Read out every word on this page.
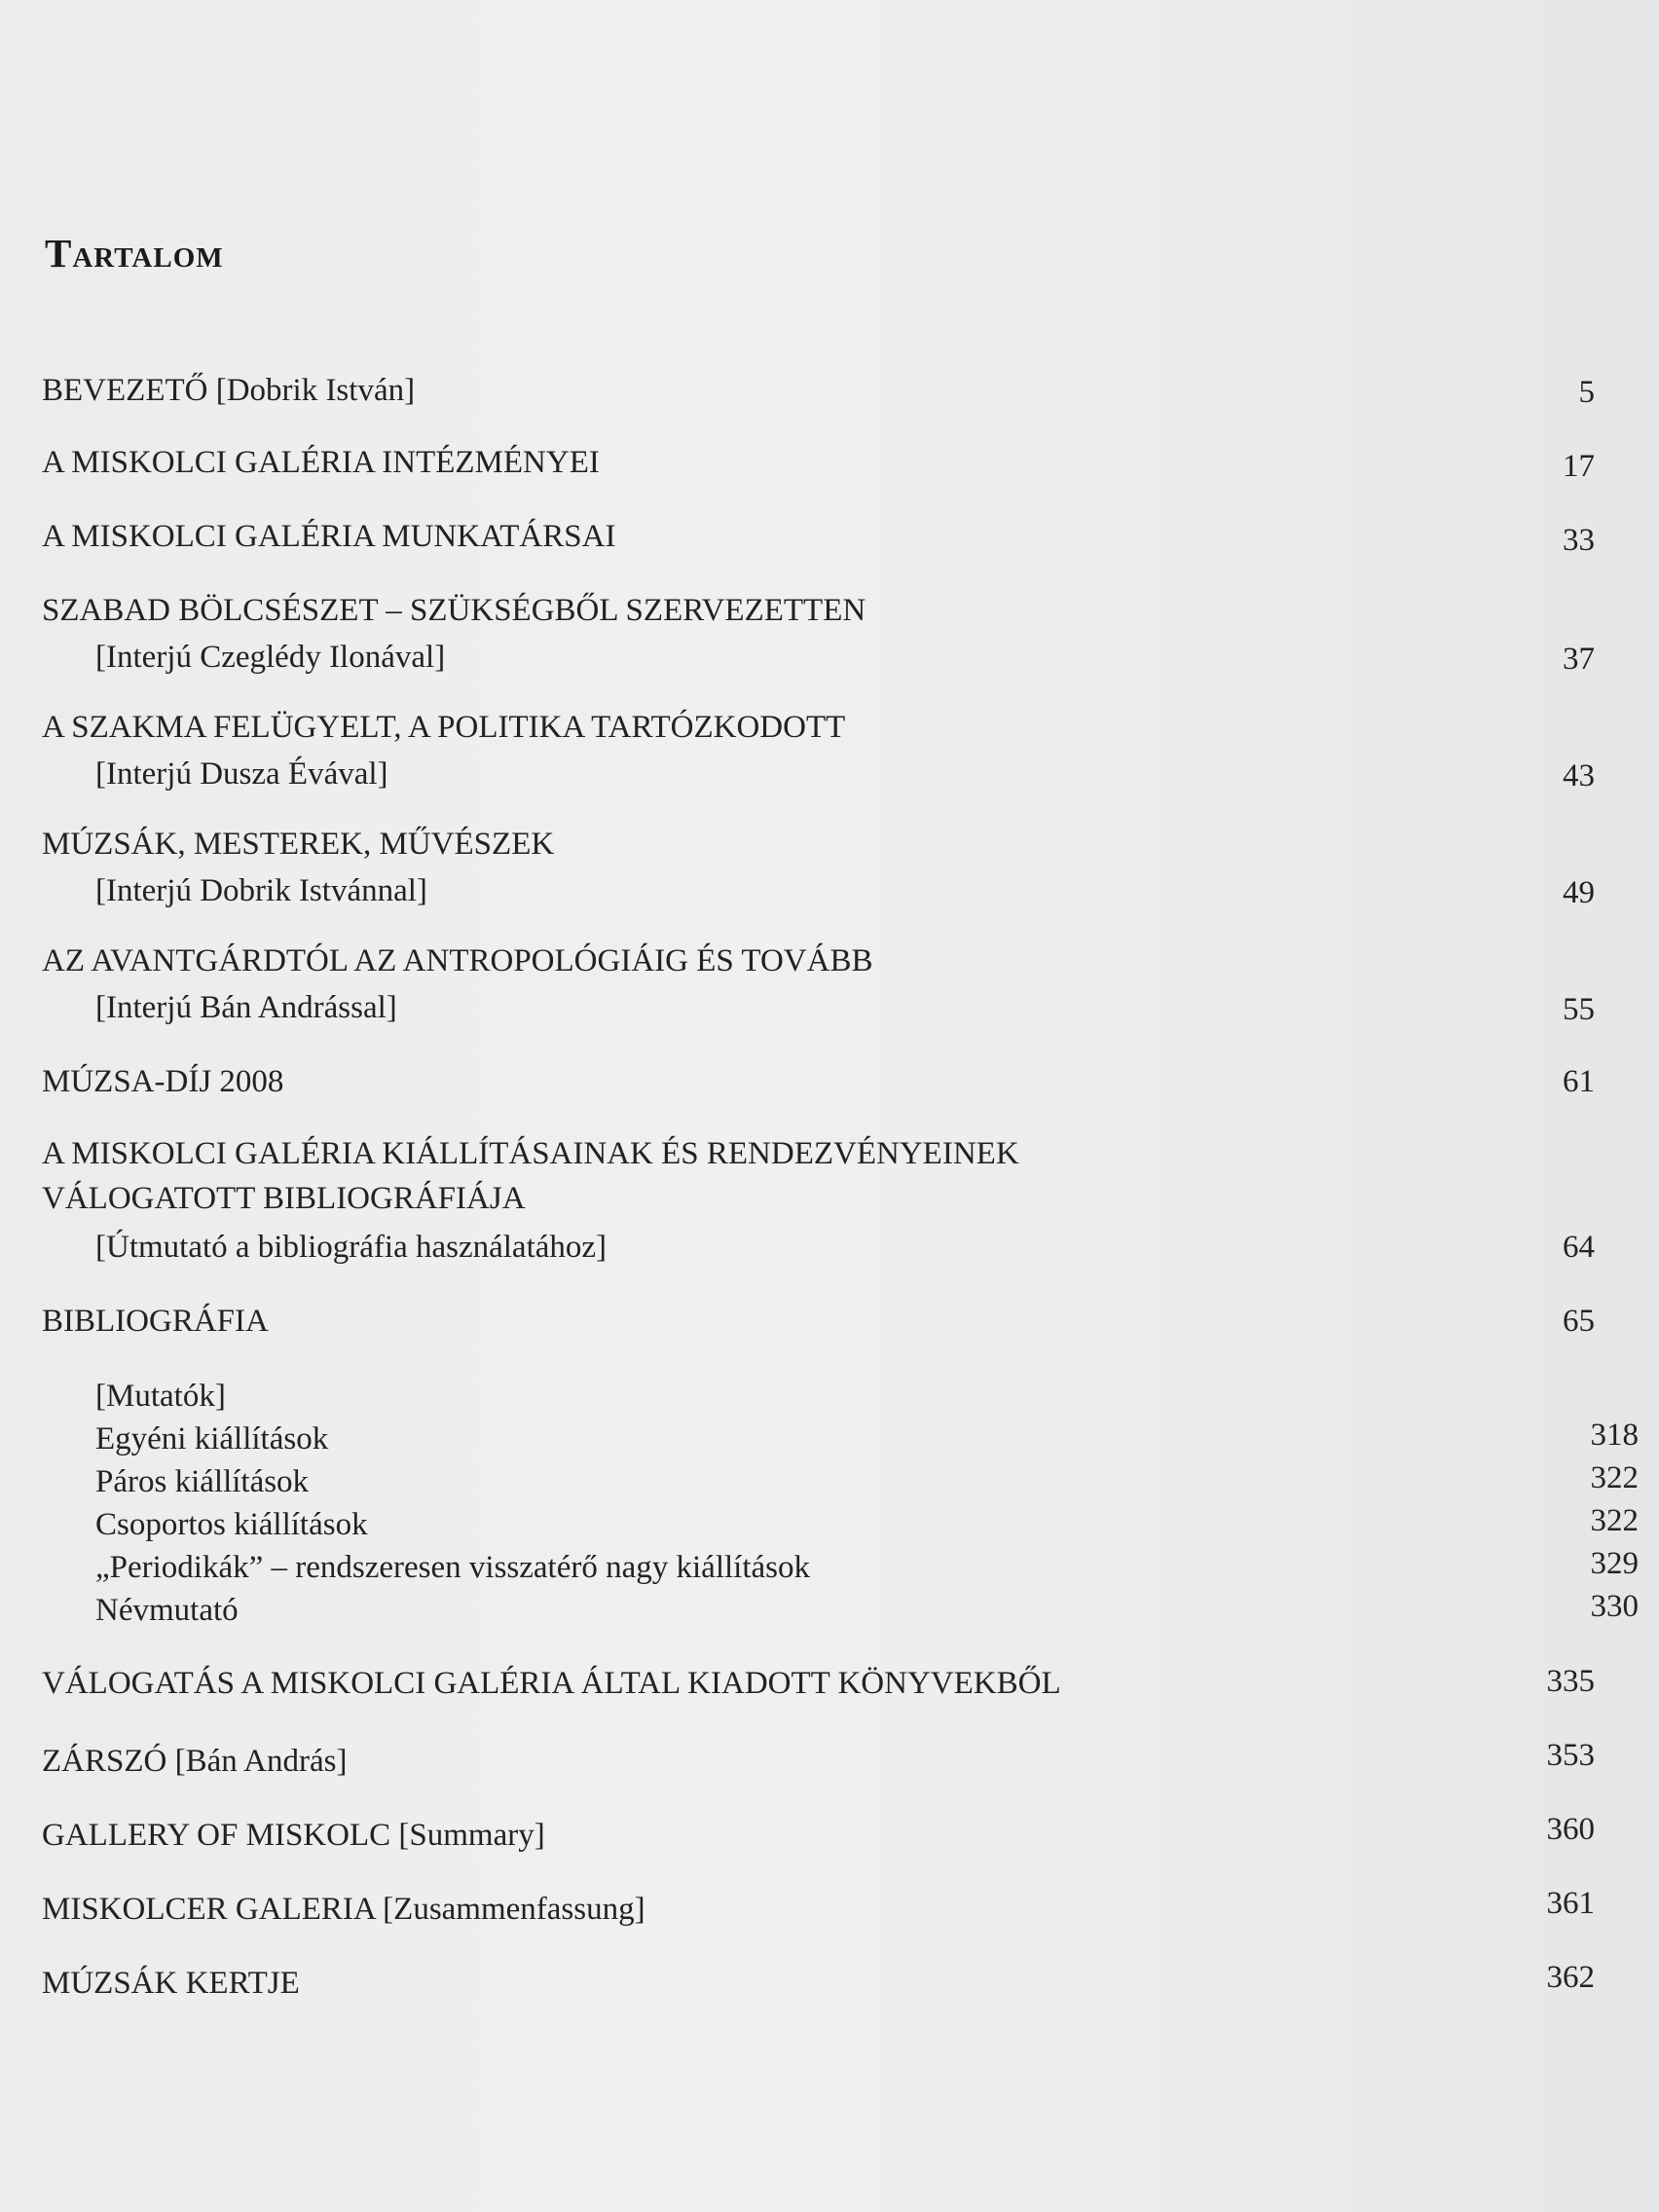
Tartalom
BEVEZETŐ [Dobrik István]	5
A MISKOLCI GALÉRIA INTÉZMÉNYEI	17
A MISKOLCI GALÉRIA MUNKATÁRSAI	33
SZABAD BÖLCSÉSZET – SZÜKSÉGBŐL SZERVEZETTEN
[Interjú Czeglédy Ilonával]	37
A SZAKMA FELÜGYELT, A POLITIKA TARTÓZKODOTT
[Interjú Dusza Évával]	43
MÚZSÁK, MESTEREK, MŰVÉSZEK
[Interjú Dobrik Istvánnal]	49
AZ AVANTGÁRDTÓL AZ ANTROPOLÓGIÁIG ÉS TOVÁBB
[Interjú Bán Andrással]	55
MÚZSA-DÍJ 2008	61
A MISKOLCI GALÉRIA KIÁLLÍTÁSAINAK ÉS RENDEZVÉNYEINEK
VÁLOGATOTT BIBLIOGRÁFIÁJA
[Útmutató a bibliográfia használatához]	64
BIBLIOGRÁFIA	65
[Mutatók]
Egyéni kiállítások	318
Páros kiállítások	322
Csoportos kiállítások	322
„Periodikák” – rendszeresen visszatérő nagy kiállítások	329
Névmutató	330
VÁLOGATÁS A MISKOLCI GALÉRIA ÁLTAL KIADOTT KÖNYVEKBŐL	335
ZÁRSZÓ [Bán András]	353
GALLERY OF MISKOLC [Summary]	360
MISKOLCER GALERIA [Zusammenfassung]	361
MÚZSÁK KERTJE	362
